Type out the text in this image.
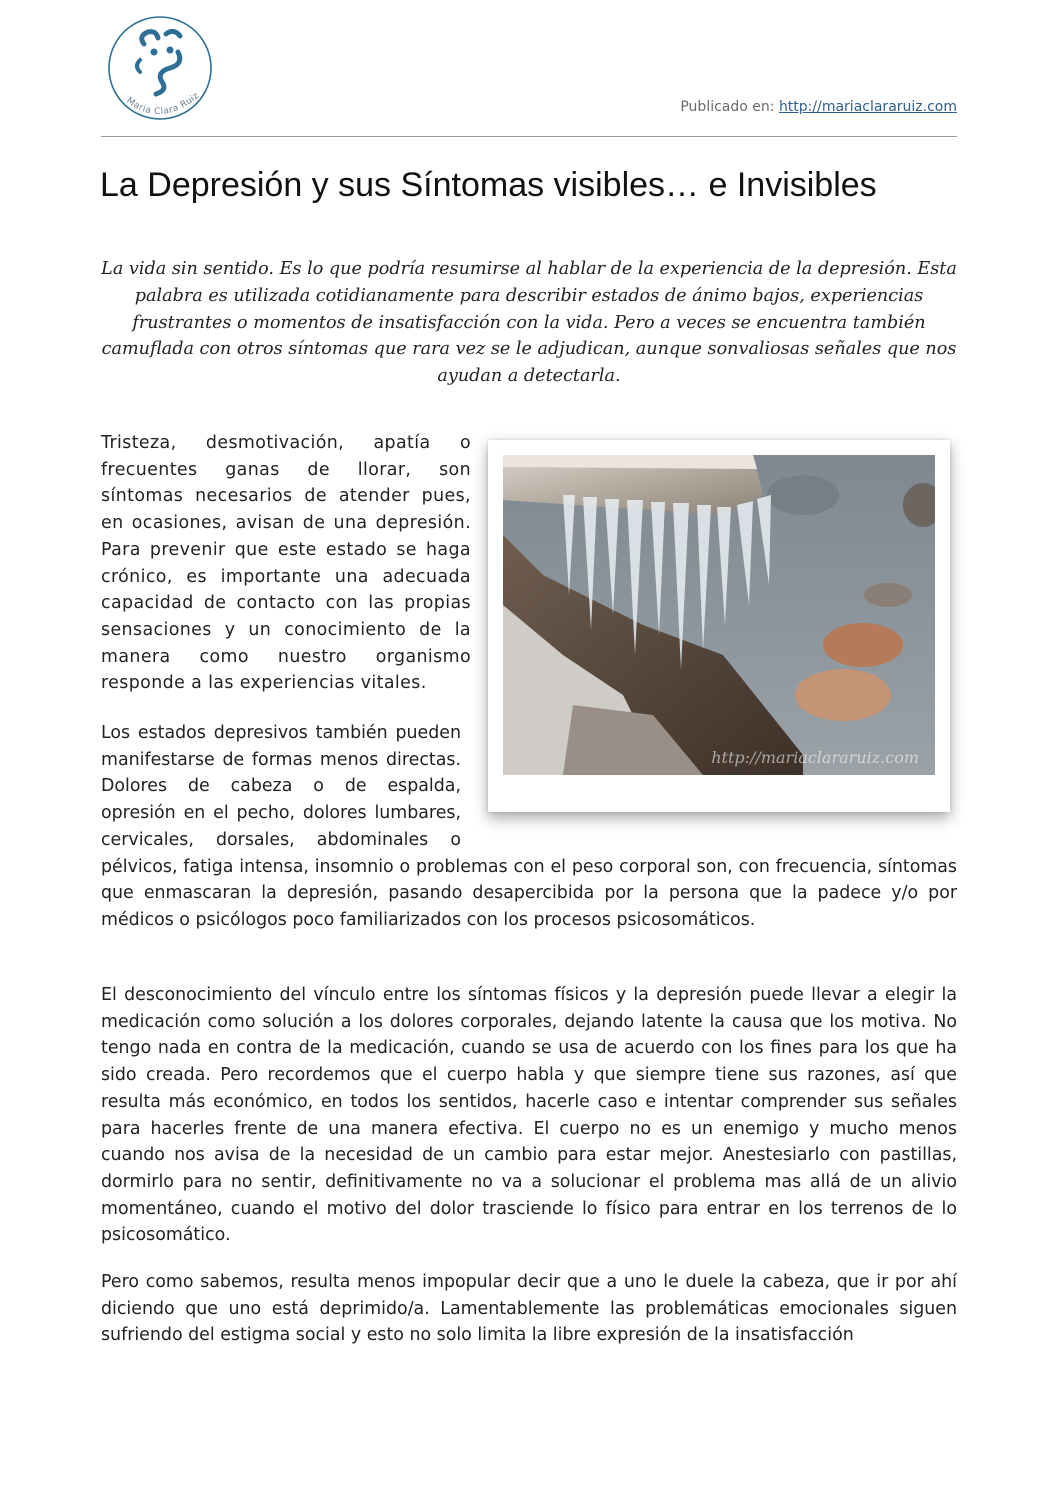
Maria Clara Ruiz
Publicado en: http://mariaclararuiz.com
La Depresión y sus Síntomas visibles… e Invisibles

La vida sin sentido. Es lo que podría resumirse al hablar de la experiencia de la depresión. Esta palabra es utilizada cotidianamente para describir estados de ánimo bajos, experiencias frustrantes o momentos de insatisfacción con la vida. Pero a veces se encuentra también camuflada con otros síntomas que rara vez se le adjudican, aunque sonvaliosas señales que nos ayudan a detectarla.

Tristeza, desmotivación, apatía o frecuentes ganas de llorar, son síntomas necesarios de atender pues, en ocasiones, avisan de una depresión. Para prevenir que este estado se haga crónico, es importante una adecuada capacidad de contacto con las propias sensaciones y un conocimiento de la manera como nuestro organismo responde a las experiencias vitales.

http://mariaclararuiz.com

Los estados depresivos también pueden manifestarse de formas menos directas. Dolores de cabeza o de espalda, opresión en el pecho, dolores lumbares, cervicales, dorsales, abdominales o pélvicos, fatiga intensa, insomnio o problemas con el peso corporal son, con frecuencia, síntomas que enmascaran la depresión, pasando desapercibida por la persona que la padece y/o por médicos o psicólogos poco familiarizados con los procesos psicosomáticos.

El desconocimiento del vínculo entre los síntomas físicos y la depresión puede llevar a elegir la medicación como solución a los dolores corporales, dejando latente la causa que los motiva. No tengo nada en contra de la medicación, cuando se usa de acuerdo con los fines para los que ha sido creada. Pero recordemos que el cuerpo habla y que siempre tiene sus razones, así que resulta más económico, en todos los sentidos, hacerle caso e intentar comprender sus señales para hacerles frente de una manera efectiva. El cuerpo no es un enemigo y mucho menos cuando nos avisa de la necesidad de un cambio para estar mejor. Anestesiarlo con pastillas, dormirlo para no sentir, definitivamente no va a solucionar el problema mas allá de un alivio momentáneo, cuando el motivo del dolor trasciende lo físico para entrar en los terrenos de lo psicosomático.

Pero como sabemos, resulta menos impopular decir que a uno le duele la cabeza, que ir por ahí diciendo que uno está deprimido/a. Lamentablemente las problemáticas emocionales siguen sufriendo del estigma social y esto no solo limita la libre expresión de la insatisfacción
